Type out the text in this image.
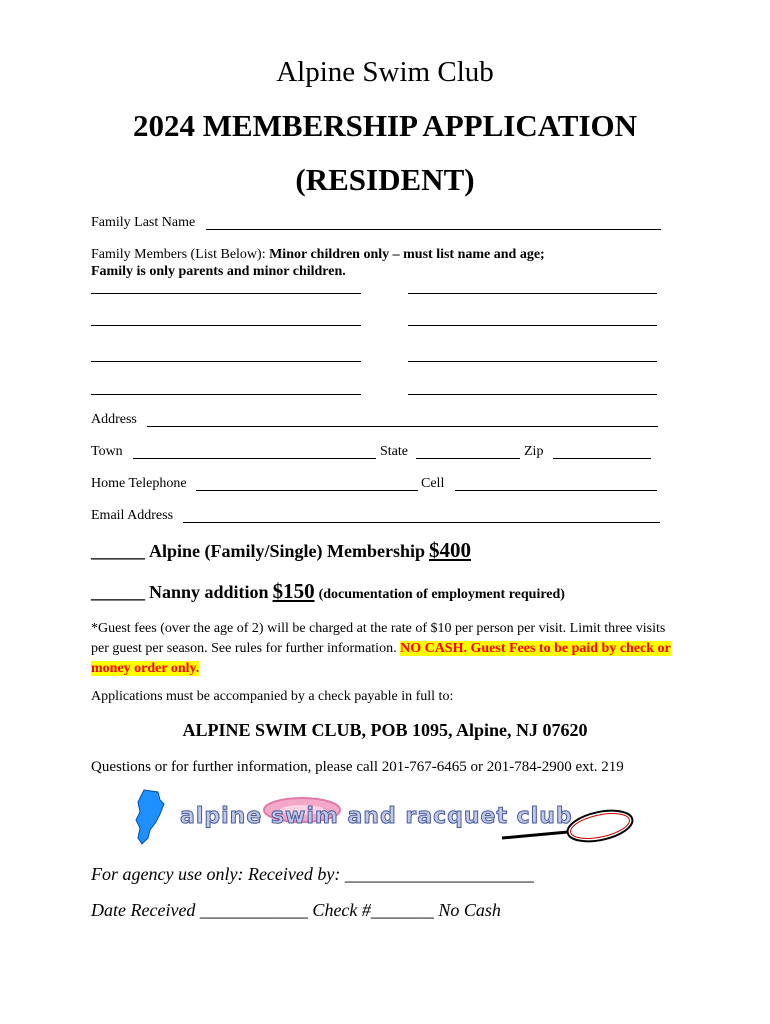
Alpine Swim Club
2024 MEMBERSHIP APPLICATION
(RESIDENT)
Family Last Name
Family Members (List Below): Minor children only – must list name and age;
Family is only parents and minor children.
Address
Town	State	Zip
Home Telephone	Cell
Email Address
______ Alpine (Family/Single) Membership $400
______ Nanny addition $150 (documentation of employment required)
*Guest fees (over the age of 2) will be charged at the rate of $10 per person per visit. Limit three visits per guest per season. See rules for further information. NO CASH. Guest Fees to be paid by check or money order only.
Applications must be accompanied by a check payable in full to:
ALPINE SWIM CLUB, POB 1095, Alpine, NJ 07620
Questions or for further information, please call 201-767-6465 or 201-784-2900 ext. 219
alpine swim and racquet club
For agency use only: Received by: _____________________
Date Received ____________ Check #_______ No Cash
